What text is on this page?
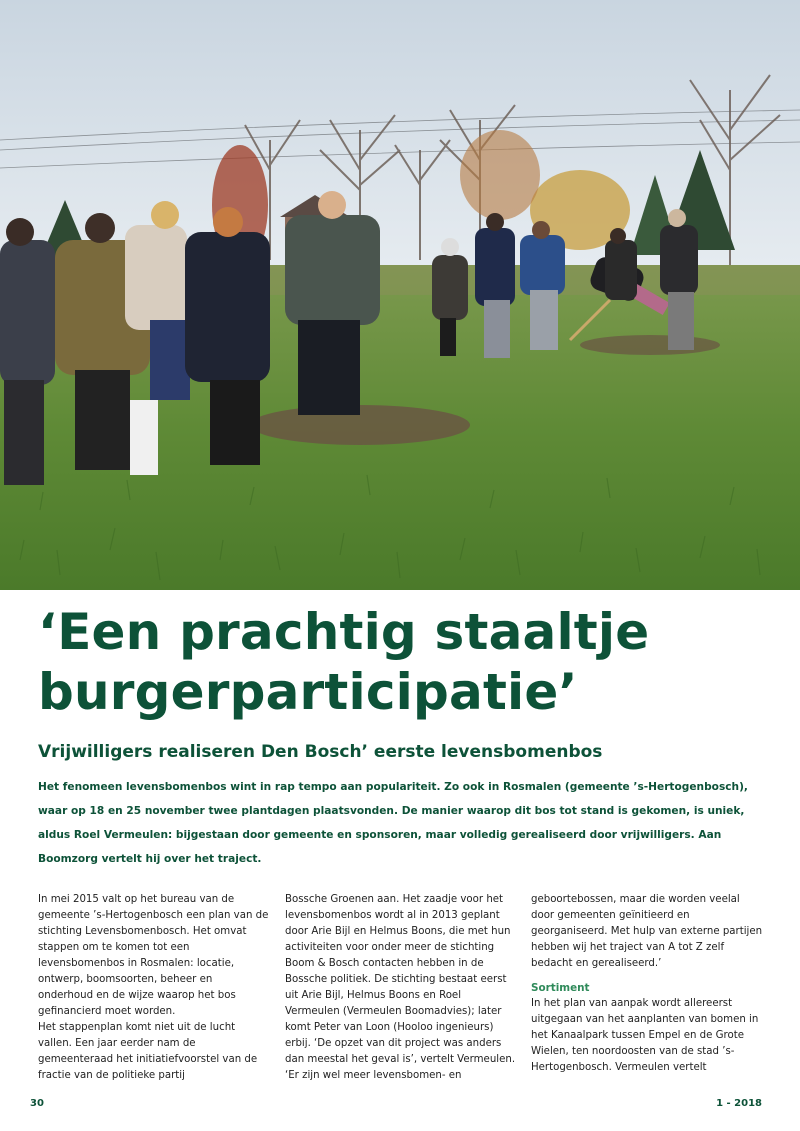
‘Een prachtig staaltje
burgerparticipatie’
Vrijwilligers realiseren Den Bosch’ eerste levensbomenbos

Het fenomeen levensbomenbos wint in rap tempo aan populariteit. Zo ook in Rosmalen (gemeente ’s-Hertogenbosch), waar op 18 en 25 november twee plantdagen plaatsvonden. De manier waarop dit bos tot stand is gekomen, is uniek, aldus Roel Vermeulen: bijgestaan door gemeente en sponsoren, maar volledig gerealiseerd door vrijwilligers. Aan Boomzorg vertelt hij over het traject.

In mei 2015 valt op het bureau van de gemeente ’s-Hertogenbosch een plan van de stichting Levensbomenbosch. Het omvat stappen om te komen tot een levensbomenbos in Rosmalen: locatie, ontwerp, boomsoorten, beheer en onderhoud en de wijze waarop het bos gefinancierd moet worden.

Het stappenplan komt niet uit de lucht vallen. Een jaar eerder nam de gemeenteraad het initiatiefvoorstel van de fractie van de politieke partij

Bossche Groenen aan. Het zaadje voor het levensbomenbos wordt al in 2013 geplant door Arie Bijl en Helmus Boons, die met hun activiteiten voor onder meer de stichting Boom & Bosch contacten hebben in de Bossche politiek. De stichting bestaat eerst uit Arie Bijl, Helmus Boons en Roel Vermeulen (Vermeulen Boomadvies); later komt Peter van Loon (Hooloo ingenieurs) erbij. ‘De opzet van dit project was anders dan meestal het geval is’, vertelt Vermeulen. ‘Er zijn wel meer levensbomen- en

geboortebossen, maar die worden veelal door gemeenten geïnitieerd en georganiseerd. Met hulp van externe partijen hebben wij het traject van A tot Z zelf bedacht en gerealiseerd.’

Sortiment

In het plan van aanpak wordt allereerst uitgegaan van het aanplanten van bomen in het Kanaalpark tussen Empel en de Grote Wielen, ten noordoosten van de stad ’s-Hertogenbosch. Vermeulen vertelt

30	1 - 2018
